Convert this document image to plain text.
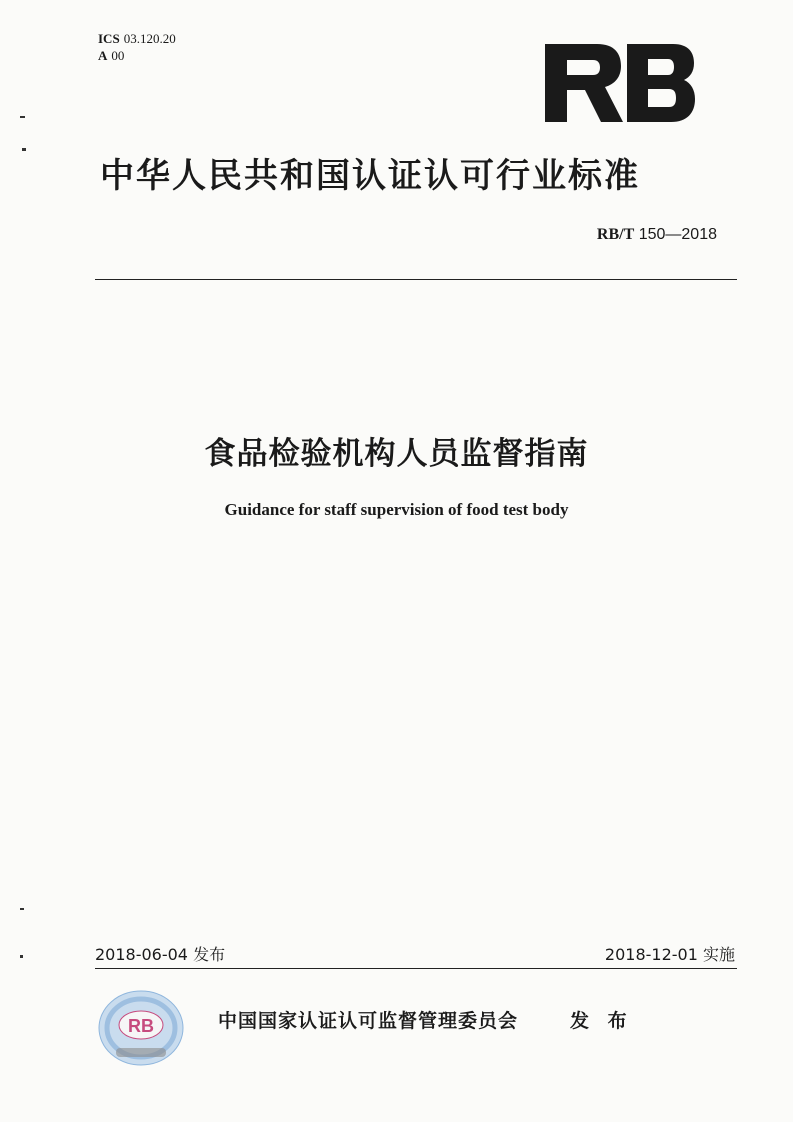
ICS 03.120.20
A 00
中华人民共和国认证认可行业标准
RB/T 150—2018
食品检验机构人员监督指南
Guidance for staff supervision of food test body
2018-06-04 发布	2018-12-01 实施
RB	中国国家认证认可监督管理委员会	发 布
